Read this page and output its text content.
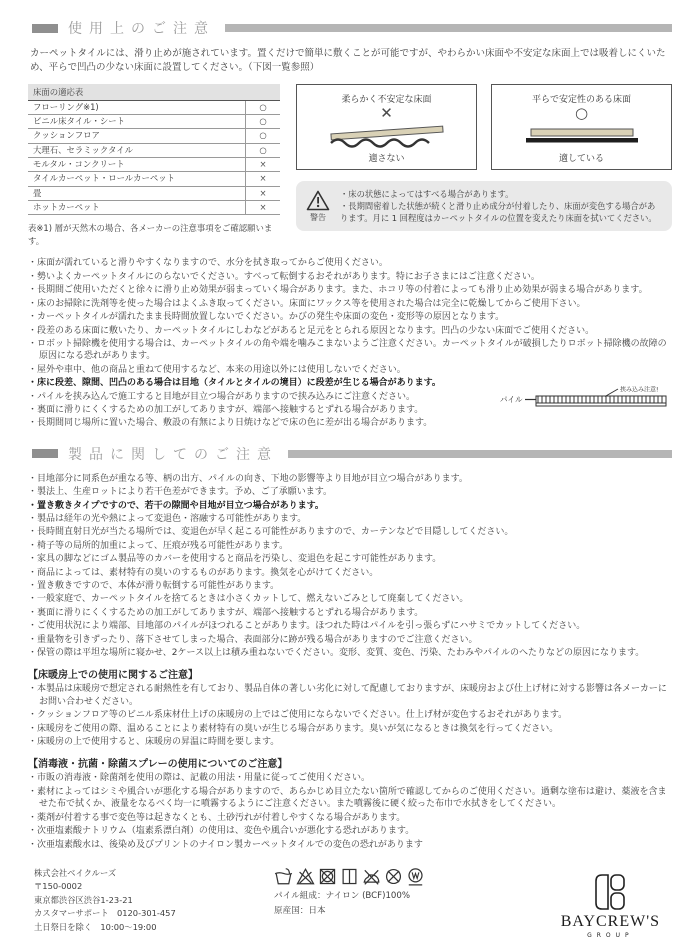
使用上のご注意

カーペットタイルには、滑り止めが施されています。置くだけで簡単に敷くことが可能ですが、やわらかい床面や不安定な床面上では吸着しにくいため、平らで凹凸の少ない床面に設置してください。（下図一覧参照）

床面の適応表	
フローリング※1)	○
ビニル床タイル・シート	○
クッションフロア	○
大理石、セラミックタイル	○
モルタル・コンクリート	×
タイルカーペット・ロールカーペット	×
畳	×
ホットカーペット	×
表※1) 層が天然木の場合、各メーカーの注意事項をご確認願います。
柔らかく不安定な床面
✕
適さない
平らで安定性のある床面
○
適している
警告
・床の状態によってはすべる場合があります。
・長期間密着した状態が続くと滑り止め成分が付着したり、床面が変色する場合があります。月に 1 回程度はカーペットタイルの位置を変えたり床面を拭いてください。
・床面が濡れていると滑りやすくなりますので、水分を拭き取ってからご使用ください。
・勢いよくカーペットタイルにのらないでください。すべって転倒するおそれがあります。特にお子さまにはご注意ください。
・長期間ご使用いただくと徐々に滑り止め効果が弱まっていく場合があります。また、ホコリ等の付着によっても滑り止め効果が弱まる場合があります。
・床のお掃除に洗剤等を使った場合はよくふき取ってください。床面にワックス等を使用された場合は完全に乾燥してからご使用下さい。
・カーペットタイルが濡れたまま長時間放置しないでください。かびの発生や床面の変色・変形等の原因となります。
・段差のある床面に敷いたり、カーペットタイルにしわなどがあると足元をとられる原因となります。凹凸の少ない床面でご使用ください。
・ロボット掃除機を使用する場合は、カーペットタイルの角や端を噛みこまないようご注意ください。カーペットタイルが破損したりロボット掃除機の故障の原因になる恐れがあります。
・屋外や車中、他の商品と重ねて使用するなど、本来の用途以外には使用しないでください。
・床に段差、隙間、凹凸のある場合は目地（タイルとタイルの境目）に段差が生じる場合があります。
・パイルを挟み込んで施工すると目地が目立つ場合がありますので挟み込みにご注意ください。
・裏面に滑りにくくするための加工がしてありますが、端部へ接触するとずれる場合があります。
・長期間同じ場所に置いた場合、敷設の有無により日焼けなどで床の色に差が出る場合があります。
パイル
挟み込み注意!
製品に関してのご注意
・目地部分に同系色が重なる等、柄の出方、パイルの向き、下地の影響等より目地が目立つ場合があります。
・製法上、生産ロットにより若干色差ができます。予め、ご了承願います。
・置き敷きタイプですので、若干の隙間や目地が目立つ場合があります。
・製品は経年の光や熱によって変退色・溶融する可能性があります。
・長時間直射日光が当たる場所では、変退色が早く起こる可能性がありますので、カーテンなどで目隠ししてください。
・椅子等の局所的加重によって、圧痕が残る可能性があります。
・家具の脚などにゴム製品等のカバーを使用すると商品を汚染し、変退色を起こす可能性があります。
・商品によっては、素材特有の臭いのするものがあります。換気を心がけてください。
・置き敷きですので、本体が滑り転倒する可能性があります。
・一般家庭で、カーペットタイルを捨てるときは小さくカットして、燃えないごみとして廃棄してください。
・裏面に滑りにくくするための加工がしてありますが、端部へ接触するとずれる場合があります。
・ご使用状況により端部、目地部のパイルがほつれることがあります。ほつれた時はパイルを引っ張らずにハサミでカットしてください。
・重量物を引きずったり、落下させてしまった場合、表面部分に跡が残る場合がありますのでご注意ください。
・保管の際は平坦な場所に寝かせ、2ケース以上は積み重ねないでください。変形、変質、変色、汚染、たわみやパイルのへたりなどの原因になります。
【床暖房上での使用に関するご注意】
・本製品は床暖房で想定される耐熱性を有しており、製品自体の著しい劣化に対して配慮しておりますが、床暖房および仕上げ材に対する影響は各メーカーにお問い合わせください。
・クッションフロア等のビニル系床材仕上げの床暖房の上ではご使用にならないでください。仕上げ材が変色するおそれがあります。
・床暖房をご使用の際、温めることにより素材特有の臭いが生じる場合があります。臭いが気になるときは換気を行ってください。
・床暖房の上で使用すると、床暖房の昇温に時間を要します。
【消毒液・抗菌・除菌スプレーの使用についてのご注意】
・市販の消毒液・除菌剤を使用の際は、記載の用法・用量に従ってご使用ください。
・素材によってはシミや風合いが悪化する場合がありますので、あらかじめ目立たない箇所で確認してからのご使用ください。過剰な塗布は避け、薬液を含ませた布で拭くか、液量をなるべく均一に噴霧するようにご注意ください。また噴霧後に硬く絞った布巾で水拭きをしてください。
・薬剤が付着する事で変色等は起きなくとも、土砂汚れが付着しやすくなる場合があります。
・次亜塩素酸ナトリウム（塩素系漂白剤）の使用は、変色や風合いが悪化する恐れがあります。
・次亜塩素酸水は、後染め及びプリントのナイロン製カーペットタイルでの変色の恐れがあります
株式会社ベイクルーズ
〒150-0002
東京都渋谷区渋谷1-23-21
カスタマーサポート　0120-301-457
土日祭日を除く　10:00〜19:00
パイル組成：ナイロン (BCF)100%
原産国：日本
BAYCREW'S
GROUP
